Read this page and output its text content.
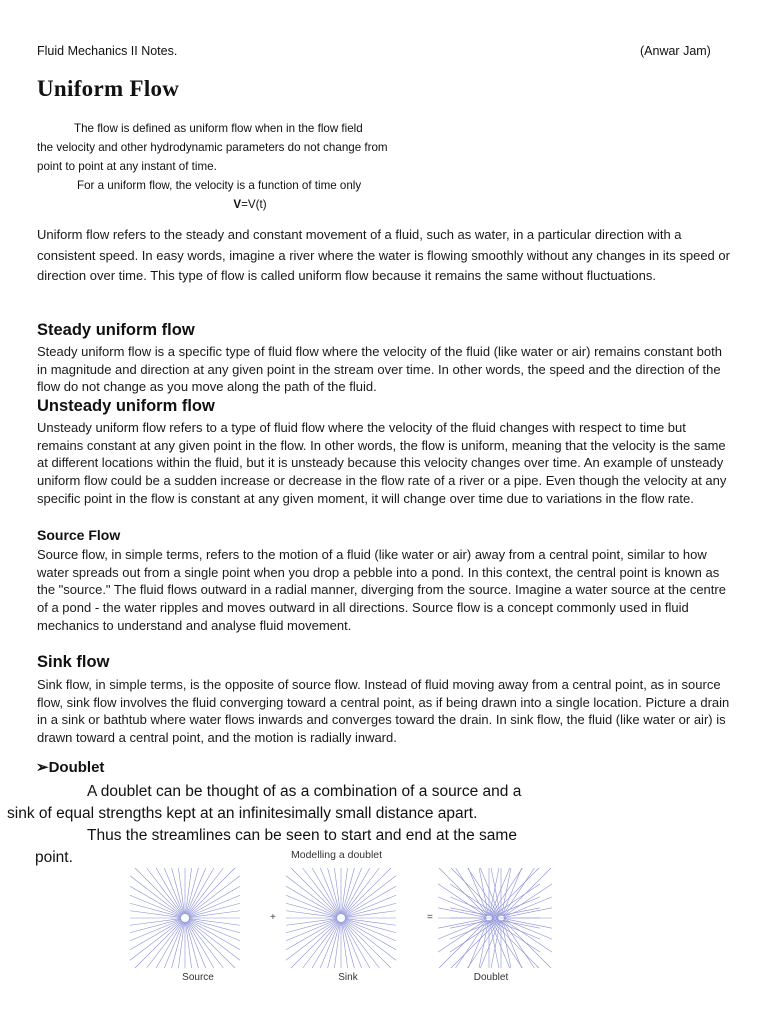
Fluid Mechanics II Notes.	(Anwar Jam)
Uniform Flow
The flow is defined as uniform flow when in the flow field
the velocity and other hydrodynamic parameters do not change from
point to point at any instant of time.
For a uniform flow, the velocity is a function of time only
V=V(t)
Uniform flow refers to the steady and constant movement of a fluid, such as water, in a particular direction with a consistent speed. In easy words, imagine a river where the water is flowing smoothly without any changes in its speed or direction over time. This type of flow is called uniform flow because it remains the same without fluctuations.
Steady uniform flow
Steady uniform flow is a specific type of fluid flow where the velocity of the fluid (like water or air) remains constant both in magnitude and direction at any given point in the stream over time. In other words, the speed and the direction of the flow do not change as you move along the path of the fluid.
Unsteady uniform flow
Unsteady uniform flow refers to a type of fluid flow where the velocity of the fluid changes with respect to time but remains constant at any given point in the flow. In other words, the flow is uniform, meaning that the velocity is the same at different locations within the fluid, but it is unsteady because this velocity changes over time. An example of unsteady uniform flow could be a sudden increase or decrease in the flow rate of a river or a pipe. Even though the velocity at any specific point in the flow is constant at any given moment, it will change over time due to variations in the flow rate.
Source Flow
Source flow, in simple terms, refers to the motion of a fluid (like water or air) away from a central point, similar to how water spreads out from a single point when you drop a pebble into a pond. In this context, the central point is known as the "source." The fluid flows outward in a radial manner, diverging from the source. Imagine a water source at the centre of a pond - the water ripples and moves outward in all directions. Source flow is a concept commonly used in fluid mechanics to understand and analyse fluid movement.
Sink flow
Sink flow, in simple terms, is the opposite of source flow. Instead of fluid moving away from a central point, as in source flow, sink flow involves the fluid converging toward a central point, as if being drawn into a single location. Picture a drain in a sink or bathtub where water flows inwards and converges toward the drain. In sink flow, the fluid (like water or air) is drawn toward a central point, and the motion is radially inward.
➢Doublet
A doublet can be thought of as a combination of a source and a
sink of equal strengths kept at an infinitesimally small distance apart.
Thus the streamlines can be seen to start and end at the same
point.	Modelling a doublet
+	=
Source	Sink	Doublet
